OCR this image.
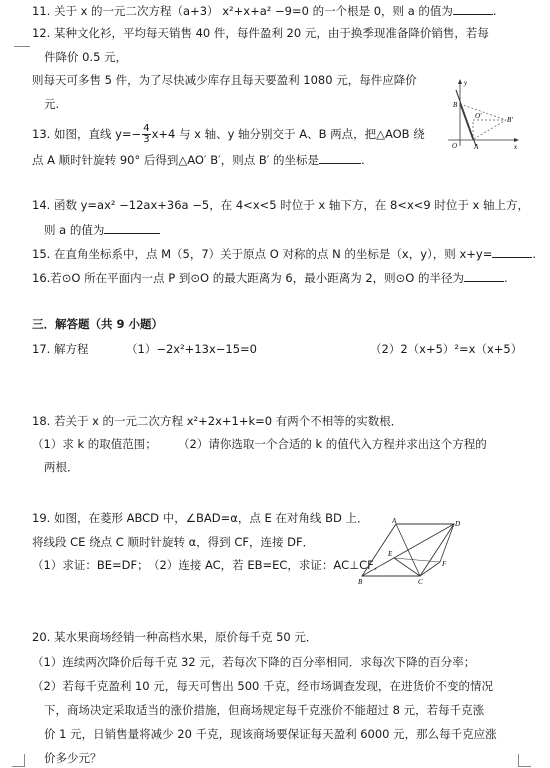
11. 关于 x 的一元二次方程（a+3） x²+x+a² −9=0 的一个根是 0，则 a 的值为	.
12. 某种文化衫，平均每天销售 40 件，每件盈利 20 元，由于换季现准备降价销售，若每
件降价 0.5 元，
则每天可多售 5 件，为了尽快减少库存且每天要盈利 1080 元，每件应降价
元.
13. 如图，直线 $y=- \frac{4}{3} x+4$ 与 x 轴、y 轴分别交于 A、B 两点，把△AOB 绕
点 A 顺时针旋转 90° 后得到△AO′ B′，则点 B′ 的坐标是	.
y
x
O A
B
B′
O′
14. 函数 y=ax² −12ax+36a −5，在 4<x<5 时位于 x 轴下方，在 8<x<9 时位于 x 轴上方，
则 a 的值为
15. 在直角坐标系中，点 M（5，7）关于原点 O 对称的点 N 的坐标是（x，y），则 x+y=	.
16.若⊙O 所在平面内一点 P 到⊙O 的最大距离为 6，最小距离为 2，则⊙O 的半径为	.
三．解答题（共 9 小题）
17. 解方程	（1）−2x²+13x−15=0	（2）2（x+5）²=x（x+5）
18. 若关于 x 的一元二次方程 x²+2x+1+k=0 有两个不相等的实数根．
（1）求 k 的取值范围； （2）请你选取一个合适的 k 的值代入方程并求出这个方程的
两根．
19. 如图，在菱形 ABCD 中，∠BAD=α，点 E 在对角线 BD 上．
将线段 CE 绕点 C 顺时针旋转 α，得到 CF，连接 DF．
（1）求证：BE=DF； （2）连接 AC，若 EB=EC，求证：AC⊥CF．
A
B	C
D
E
F
20. 某水果商场经销一种高档水果，原价每千克 50 元．
（1）连续两次降价后每千克 32 元，若每次下降的百分率相同．求每次下降的百分率；
（2）若每千克盈利 10 元，每天可售出 500 千克，经市场调查发现，在进货价不变的情况
下，商场决定采取适当的涨价措施，但商场规定每千克涨价不能超过 8 元，若每千克涨
价 1 元，日销售量将减少 20 千克，现该商场要保证每天盈利 6000 元，那么每千克应涨
价多少元？
